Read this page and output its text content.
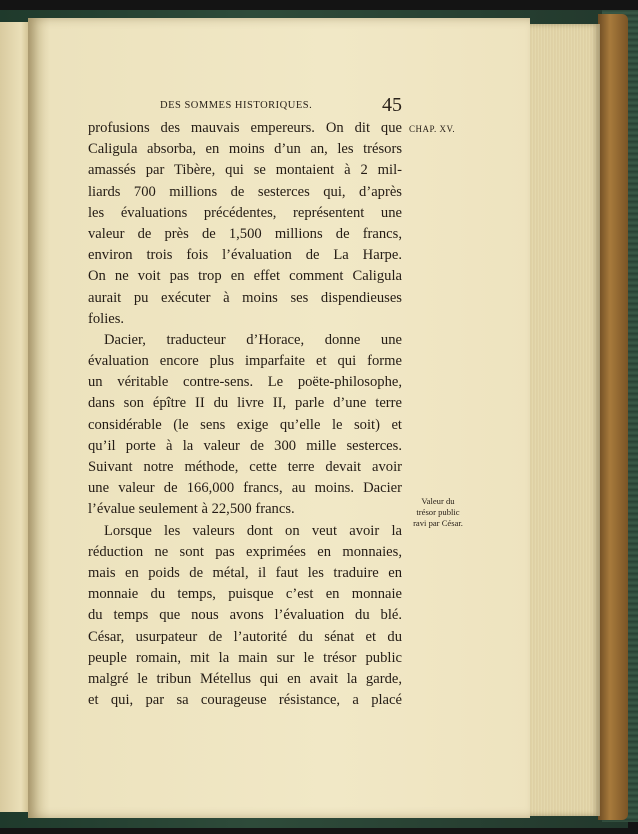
DES SOMMES HISTORIQUES.	45
CHAP. XV.
profusions des mauvais empereurs. On dit que
Caligula absorba, en moins d’un an, les trésors
amassés par Tibère, qui se montaient à 2 mil-
liards 700 millions de sesterces qui, d’après
les évaluations précédentes, représentent une
valeur de près de 1,500 millions de francs,
environ trois fois l’évaluation de La Harpe.
On ne voit pas trop en effet comment Caligula
aurait pu exécuter à moins ses dispendieuses
folies.
Dacier, traducteur d’Horace, donne une
évaluation encore plus imparfaite et qui forme
un véritable contre-sens. Le poëte-philosophe,
dans son épître II du livre II, parle d’une terre
considérable (le sens exige qu’elle le soit) et
qu’il porte à la valeur de 300 mille sesterces.
Suivant notre méthode, cette terre devait avoir
une valeur de 166,000 francs, au moins. Dacier
l’évalue seulement à 22,500 francs.
Lorsque les valeurs dont on veut avoir la
réduction ne sont pas exprimées en monnaies,
mais en poids de métal, il faut les traduire en
monnaie du temps, puisque c’est en monnaie
du temps que nous avons l’évaluation du blé.
César, usurpateur de l’autorité du sénat et du
peuple romain, mit la main sur le trésor public
malgré le tribun Métellus qui en avait la garde,
et qui, par sa courageuse résistance, a placé
Valeur du
trésor public
ravi par César.
